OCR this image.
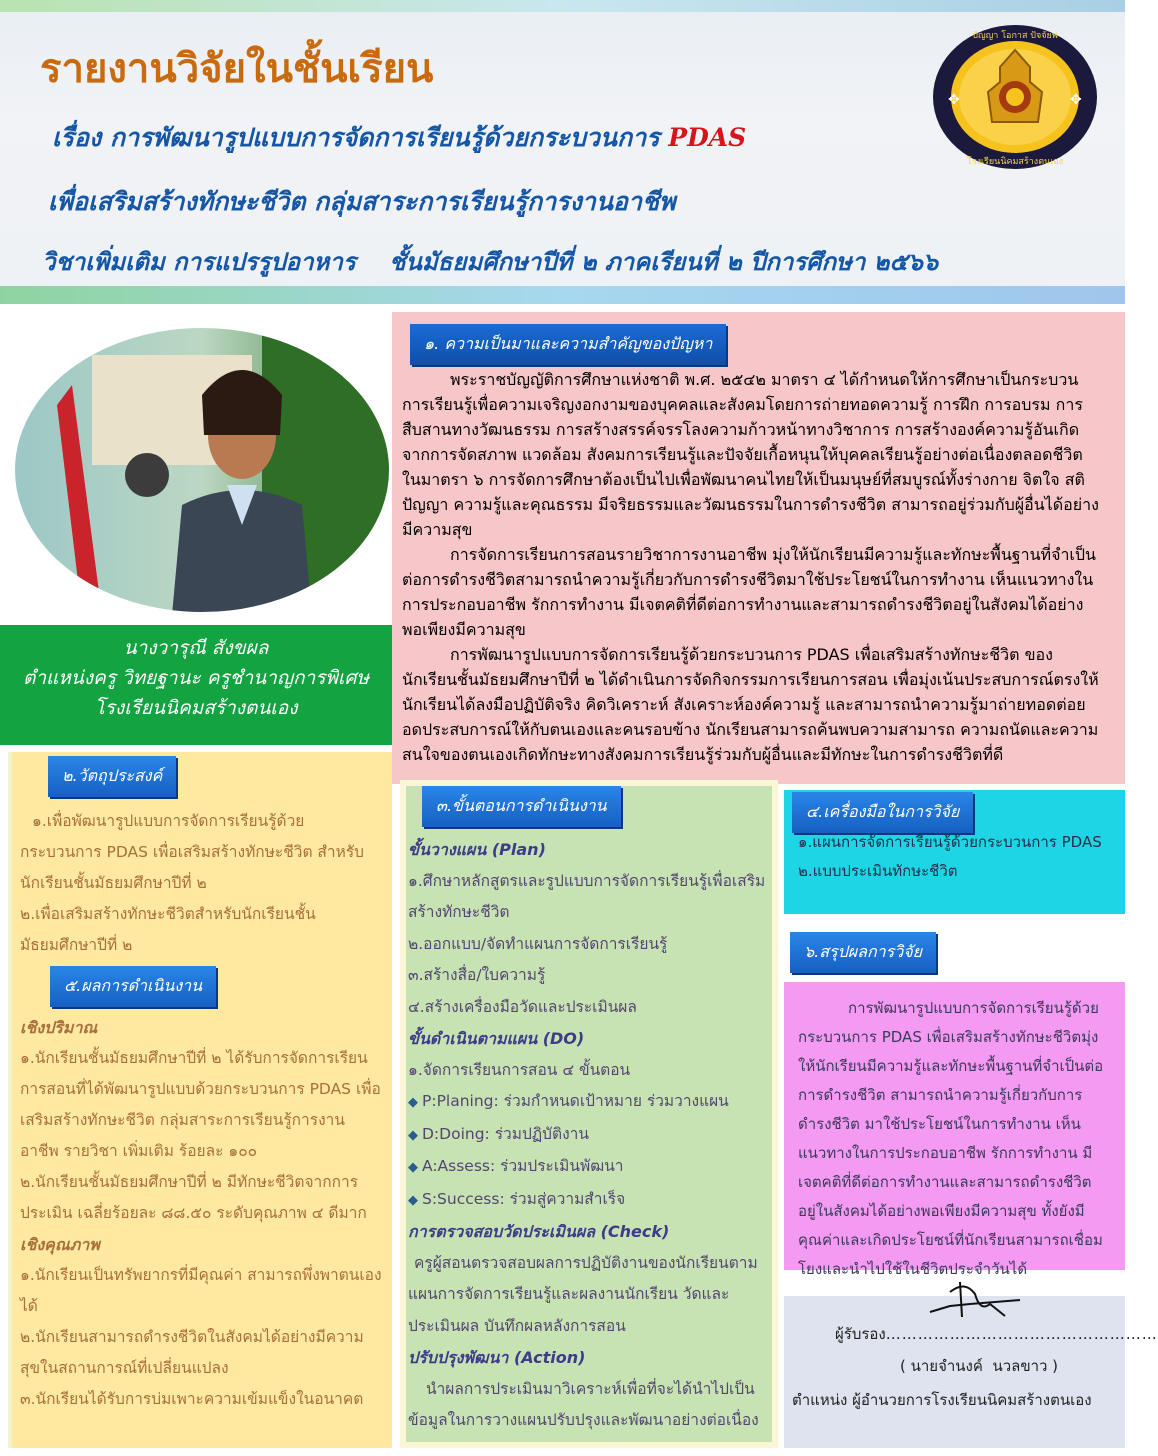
รายงานวิจัยในชั้นเรียน
เรื่อง การพัฒนารูปแบบการจัดการเรียนรู้ด้วยกระบวนการ PDAS
เพื่อเสริมสร้างทักษะชีวิต กลุ่มสาระการเรียนรู้การงานอาชีพ
วิชาเพิ่มเติม การแปรรูปอาหาร    ชั้นมัธยมศึกษาปีที่ ๒ ภาคเรียนที่ ๒ ปีการศึกษา ๒๕๖๖
✥	✥
ปัญญา โอกาส ปัจจัยพ
โรงเรียนนิคมสร้างตนเอง
นางวารุณี สังขผล
ตำแหน่งครู วิทยฐานะ ครูชำนาญการพิเศษ
โรงเรียนนิคมสร้างตนเอง
๑. ความเป็นมาและความสำคัญของปัญหา

พระราชบัญญัติการศึกษาแห่งชาติ พ.ศ. ๒๕๔๒ มาตรา ๔ ได้กำหนดให้การศึกษาเป็นกระบวนการเรียนรู้เพื่อความเจริญงอกงามของบุคคลและสังคมโดยการถ่ายทอดความรู้ การฝึก การอบรม การสืบสานทางวัฒนธรรม การสร้างสรรค์จรรโลงความก้าวหน้าทางวิชาการ การสร้างองค์ความรู้อันเกิดจากการจัดสภาพ แวดล้อม สังคมการเรียนรู้และปัจจัยเกื้อหนุนให้บุคคลเรียนรู้อย่างต่อเนื่องตลอดชีวิต ในมาตรา ๖ การจัดการศึกษาต้องเป็นไปเพื่อพัฒนาคนไทยให้เป็นมนุษย์ที่สมบูรณ์ทั้งร่างกาย จิตใจ สติปัญญา ความรู้และคุณธรรม มีจริยธรรมและวัฒนธรรมในการดำรงชีวิต สามารถอยู่ร่วมกับผู้อื่นได้อย่างมีความสุข

การจัดการเรียนการสอนรายวิชาการงานอาชีพ มุ่งให้นักเรียนมีความรู้และทักษะพื้นฐานที่จำเป็นต่อการดำรงชีวิตสามารถนำความรู้เกี่ยวกับการดำรงชีวิตมาใช้ประโยชน์ในการทำงาน เห็นแนวทางในการประกอบอาชีพ รักการทำงาน มีเจตคติที่ดีต่อการทำงานและสามารถดำรงชีวิตอยู่ในสังคมได้อย่างพอเพียงมีความสุข

การพัฒนารูปแบบการจัดการเรียนรู้ด้วยกระบวนการ PDAS เพื่อเสริมสร้างทักษะชีวิต ของนักเรียนชั้นมัธยมศึกษาปีที่ ๒ ได้ดำเนินการจัดกิจกรรมการเรียนการสอน เพื่อมุ่งเน้นประสบการณ์ตรงให้นักเรียนได้ลงมือปฏิบัติจริง คิดวิเคราะห์ สังเคราะห์องค์ความรู้ และสามารถนำความรู้มาถ่ายทอดต่อยอดประสบการณ์ให้กับตนเองและคนรอบข้าง นักเรียนสามารถค้นพบความสามารถ ความถนัดและความสนใจของตนเองเกิดทักษะทางสังคมการเรียนรู้ร่วมกับผู้อื่นและมีทักษะในการดำรงชีวิตที่ดี

๒.วัตถุประสงค์
๑.เพื่อพัฒนารูปแบบการจัดการเรียนรู้ด้วยกระบวนการ PDAS เพื่อเสริมสร้างทักษะชีวิต สำหรับนักเรียนชั้นมัธยมศึกษาปีที่ ๒
๒.เพื่อเสริมสร้างทักษะชีวิตสำหรับนักเรียนชั้นมัธยมศึกษาปีที่ ๒
๕.ผลการดำเนินงาน
เชิงปริมาณ
๑.นักเรียนชั้นมัธยมศึกษาปีที่ ๒ ได้รับการจัดการเรียนการสอนที่ได้พัฒนารูปแบบด้วยกระบวนการ PDAS เพื่อเสริมสร้างทักษะชีวิต กลุ่มสาระการเรียนรู้การงานอาชีพ รายวิชา เพิ่มเติม ร้อยละ ๑๐๐
๒.นักเรียนชั้นมัธยมศึกษาปีที่ ๒ มีทักษะชีวิตจากการประเมิน เฉลี่ยร้อยละ ๘๘.๕๐ ระดับคุณภาพ ๔ ดีมาก
เชิงคุณภาพ
๑.นักเรียนเป็นทรัพยากรที่มีคุณค่า สามารถพึ่งพาตนเองได้
๒.นักเรียนสามารถดำรงชีวิตในสังคมได้อย่างมีความสุขในสถานการณ์ที่เปลี่ยนแปลง
๓.นักเรียนได้รับการบ่มเพาะความเข้มแข็งในอนาคต
๓.ขั้นตอนการดำเนินงาน
ขั้นวางแผน (Plan)
๑.ศึกษาหลักสูตรและรูปแบบการจัดการเรียนรู้เพื่อเสริมสร้างทักษะชีวิต
๒.ออกแบบ/จัดทำแผนการจัดการเรียนรู้
๓.สร้างสื่อ/ใบความรู้
๔.สร้างเครื่องมือวัดและประเมินผล
ขั้นดำเนินตามแผน (DO)
๑.จัดการเรียนการสอน ๔ ขั้นตอน
◆ P:Planing: ร่วมกำหนดเป้าหมาย ร่วมวางแผน
◆ D:Doing: ร่วมปฏิบัติงาน
◆ A:Assess: ร่วมประเมินพัฒนา
◆ S:Success: ร่วมสู่ความสำเร็จ
การตรวจสอบวัดประเมินผล (Check)
ครูผู้สอนตรวจสอบผลการปฏิบัติงานของนักเรียนตามแผนการจัดการเรียนรู้และผลงานนักเรียน วัดและประเมินผล บันทึกผลหลังการสอน
ปรับปรุงพัฒนา (Action)
นำผลการประเมินมาวิเคราะห์เพื่อที่จะได้นำไปเป็นข้อมูลในการวางแผนปรับปรุงและพัฒนาอย่างต่อเนื่อง
๔.เครื่องมือในการวิจัย
๑.แผนการจัดการเรียนรู้ด้วยกระบวนการ PDAS
๒.แบบประเมินทักษะชีวิต
๖.สรุปผลการวิจัย
การพัฒนารูปแบบการจัดการเรียนรู้ด้วยกระบวนการ PDAS เพื่อเสริมสร้างทักษะชีวิตมุ่งให้นักเรียนมีความรู้และทักษะพื้นฐานที่จำเป็นต่อการดำรงชีวิต สามารถนำความรู้เกี่ยวกับการดำรงชีวิต มาใช้ประโยชน์ในการทำงาน เห็นแนวทางในการประกอบอาชีพ รักการทำงาน มีเจตคติที่ดีต่อการทำงานและสามารถดำรงชีวิตอยู่ในสังคมได้อย่างพอเพียงมีความสุข ทั้งยังมีคุณค่าและเกิดประโยชน์ที่นักเรียนสามารถเชื่อมโยงและนำไปใช้ในชีวิตประจำวันได้
ผู้รับรอง……………………………………………
( นายจำนงค์  นวลขาว )
ตำแหน่ง ผู้อำนวยการโรงเรียนนิคมสร้างตนเอง
